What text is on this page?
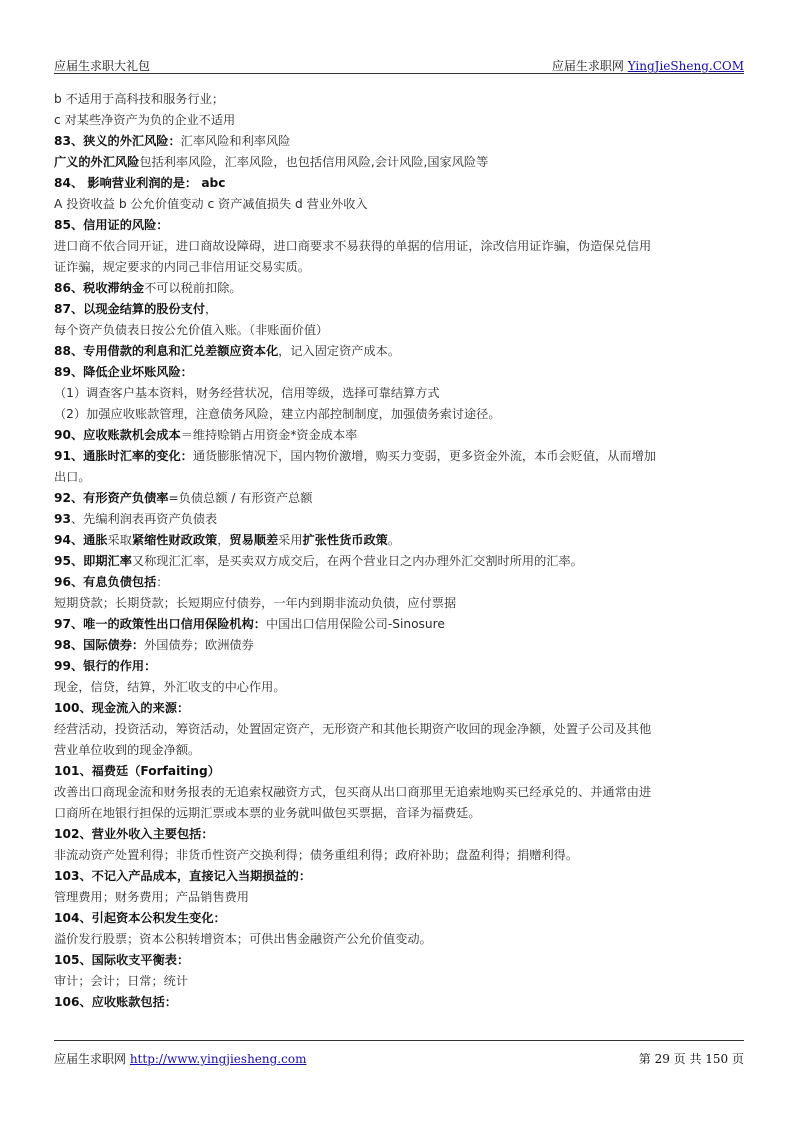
应届生求职大礼包	应届生求职网 YingJieSheng.COM

b 不适用于高科技和服务行业；

c 对某些净资产为负的企业不适用

83、狭义的外汇风险：汇率风险和利率风险

广义的外汇风险包括利率风险，汇率风险，也包括信用风险,会计风险,国家风险等

84、 影响营业利润的是： abc

A 投资收益 b 公允价值变动 c 资产减值损失 d 营业外收入

85、信用证的风险：

进口商不依合同开证，进口商故设障碍，进口商要求不易获得的单据的信用证，涂改信用证诈骗，伪造保兑信用

证诈骗，规定要求的内同己非信用证交易实质。

86、税收滞纳金不可以税前扣除。

87、以现金结算的股份支付，

每个资产负债表日按公允价值入账。（非账面价值）

88、专用借款的利息和汇兑差额应资本化，记入固定资产成本。

89、降低企业坏账风险：

（1）调查客户基本资料，财务经营状况，信用等级，选择可靠结算方式

（2）加强应收账款管理，注意债务风险，建立内部控制制度，加强债务索讨途径。

90、应收账款机会成本＝维持赊销占用资金*资金成本率

91、通胀时汇率的变化：通货膨胀情况下，国内物价激增，购买力变弱，更多资金外流，本币会贬值，从而增加

出口。

92、有形资产负债率=负债总额 / 有形资产总额

93、先编利润表再资产负债表

94、通胀采取紧缩性财政政策，贸易顺差采用扩张性货币政策。

95、即期汇率又称现汇汇率，是买卖双方成交后，在两个营业日之内办理外汇交割时所用的汇率。

96、有息负债包括：

短期贷款；长期贷款；长短期应付债券，一年内到期非流动负债，应付票据

97、唯一的政策性出口信用保险机构：中国出口信用保险公司-Sinosure

98、国际债券：外国债券；欧洲债券

99、银行的作用：

现金，信贷，结算，外汇收支的中心作用。

100、现金流入的来源：

经营活动，投资活动，筹资活动，处置固定资产，无形资产和其他长期资产收回的现金净额，处置子公司及其他

营业单位收到的现金净额。

101、福费廷（Forfaiting）

改善出口商现金流和财务报表的无追索权融资方式，包买商从出口商那里无追索地购买已经承兑的、并通常由进

口商所在地银行担保的远期汇票或本票的业务就叫做包买票据，音译为福费廷。

102、营业外收入主要包括：

非流动资产处置利得；非货币性资产交换利得；债务重组利得；政府补助；盘盈利得；捐赠利得。

103、不记入产品成本，直接记入当期损益的：

管理费用；财务费用；产品销售费用

104、引起资本公积发生变化：

溢价发行股票；资本公积转增资本；可供出售金融资产公允价值变动。

105、国际收支平衡表：

审计；会计；日常；统计

106、应收账款包括：

应届生求职网 http://www.yingjiesheng.com	第 29 页 共 150 页
